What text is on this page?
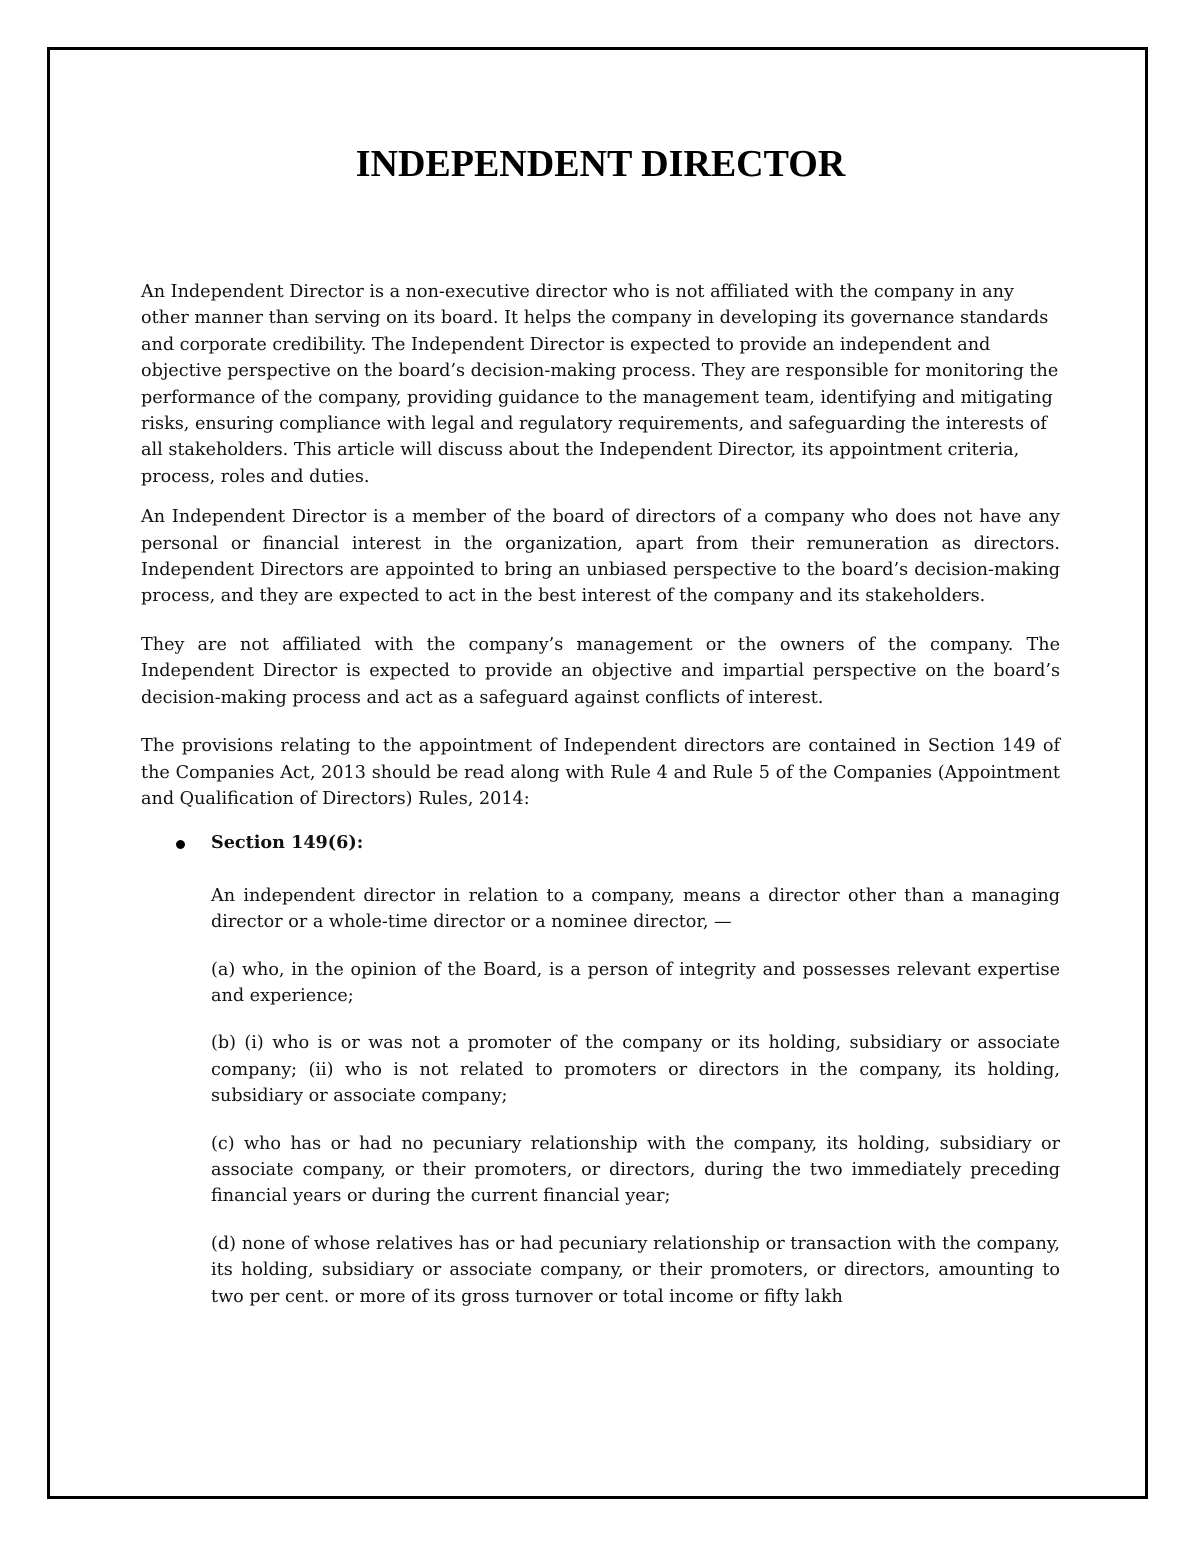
INDEPENDENT DIRECTOR

An Independent Director is a non-executive director who is not affiliated with the company in any other manner than serving on its board. It helps the company in developing its governance standards and corporate credibility. The Independent Director is expected to provide an independent and objective perspective on the board’s decision-making process. They are responsible for monitoring the performance of the company, providing guidance to the management team, identifying and mitigating risks, ensuring compliance with legal and regulatory requirements, and safeguarding the interests of all stakeholders. This article will discuss about the Independent Director, its appointment criteria, process, roles and duties.

An Independent Director is a member of the board of directors of a company who does not have any personal or financial interest in the organization, apart from their remuneration as directors. Independent Directors are appointed to bring an unbiased perspective to the board’s decision-making process, and they are expected to act in the best interest of the company and its stakeholders.

They are not affiliated with the company’s management or the owners of the company. The Independent Director is expected to provide an objective and impartial perspective on the board’s decision-making process and act as a safeguard against conflicts of interest.

The provisions relating to the appointment of Independent directors are contained in Section 149 of the Companies Act, 2013 should be read along with Rule 4 and Rule 5 of the Companies (Appointment and Qualification of Directors) Rules, 2014:

Section 149(6):

An independent director in relation to a company, means a director other than a managing director or a whole-time director or a nominee director, —

(a) who, in the opinion of the Board, is a person of integrity and possesses relevant expertise and experience;

(b) (i) who is or was not a promoter of the company or its holding, subsidiary or associate company; (ii) who is not related to promoters or directors in the company, its holding, subsidiary or associate company;

(c) who has or had no pecuniary relationship with the company, its holding, subsidiary or associate company, or their promoters, or directors, during the two immediately preceding financial years or during the current financial year;

(d) none of whose relatives has or had pecuniary relationship or transaction with the company, its holding, subsidiary or associate company, or their promoters, or directors, amounting to two per cent. or more of its gross turnover or total income or fifty lakh
